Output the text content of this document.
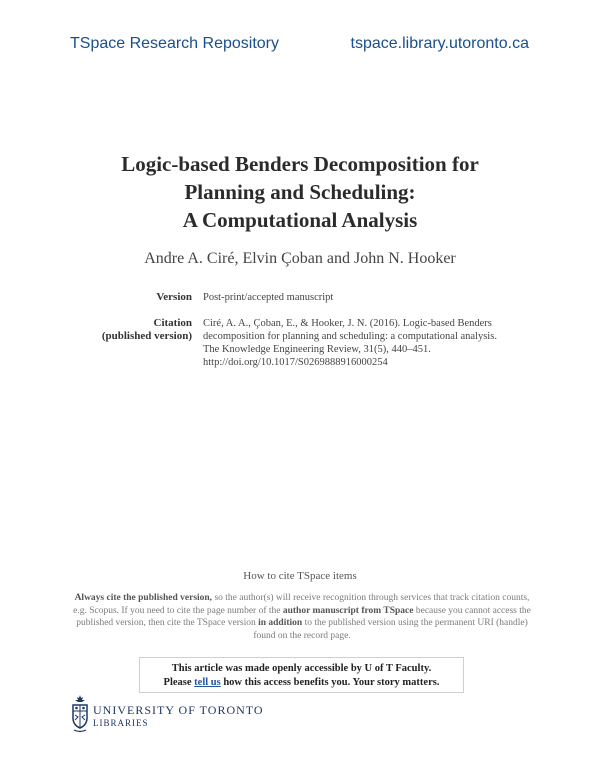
TSpace Research Repository	tspace.library.utoronto.ca
Logic-based Benders Decomposition for
Planning and Scheduling:
A Computational Analysis
Andre A. Ciré, Elvin Çoban and John N. Hooker
Version Post-print/accepted manuscript
Citation
(published version)
Ciré, A. A., Çoban, E., & Hooker, J. N. (2016). Logic-based Benders
decomposition for planning and scheduling: a computational analysis.
The Knowledge Engineering Review, 31(5), 440–451.
http://doi.org/10.1017/S0269888916000254
How to cite TSpace items
Always cite the published version, so the author(s) will receive recognition through services that track citation counts, e.g. Scopus. If you need to cite the page number of the author manuscript from TSpace because you cannot access the published version, then cite the TSpace version in addition to the published version using the permanent URI (handle) found on the record page.
This article was made openly accessible by U of T Faculty.
Please tell us how this access benefits you. Your story matters.
UNIVERSITY OF TORONTO
LIBRARIES
